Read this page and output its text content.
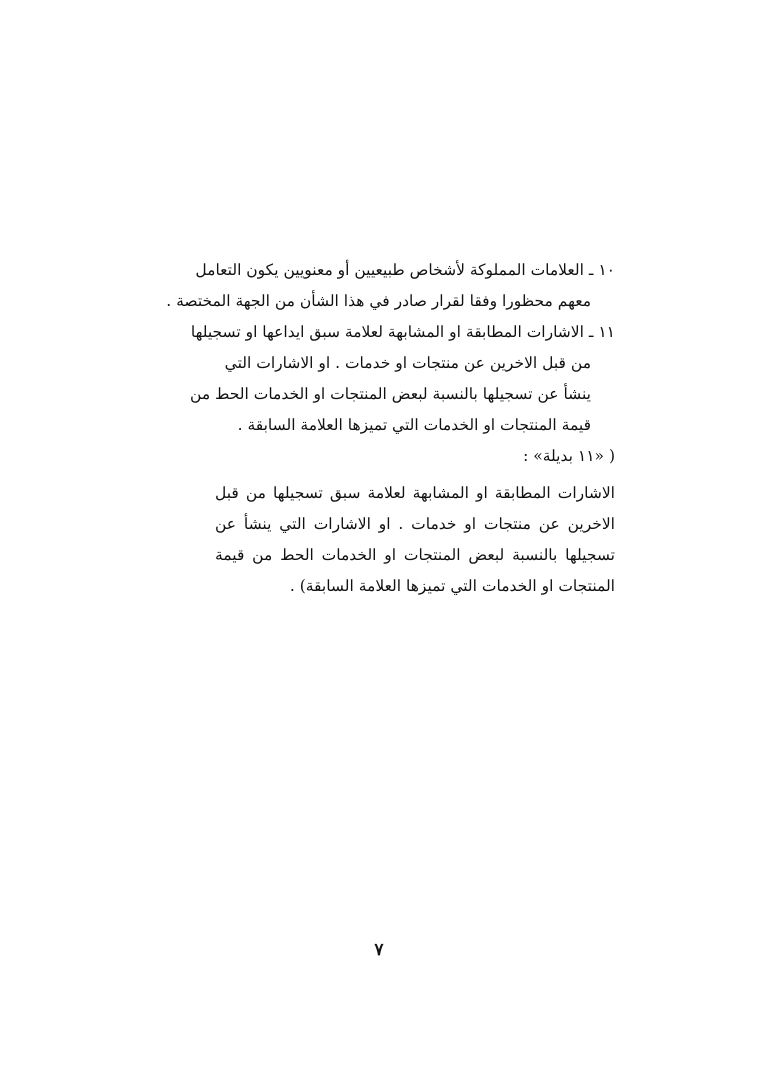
١٠ ـ العلامات المملوكة لأشخاص طبيعيين أو معنويين يكون التعامل
معهم محظورا وفقا لقرار صادر في هذا الشأن من الجهة المختصة .
١١ ـ الاشارات المطابقة او المشابهة لعلامة سبق ايداعها او تسجيلها
من قبل الاخرين عن منتجات او خدمات . او الاشارات التي
ينشأ عن تسجيلها بالنسبة لبعض المنتجات او الخدمات الحط من
قيمة المنتجات او الخدمات التي تميزها العلامة السابقة .
( «١١ بديلة» :
الاشارات المطابقة او المشابهة لعلامة سبق تسجيلها من قبل
الاخرين عن منتجات او خدمات . او الاشارات التي ينشأ عن
تسجيلها بالنسبة لبعض المنتجات او الخدمات الحط من قيمة
المنتجات او الخدمات التي تميزها العلامة السابقة) .
٧
